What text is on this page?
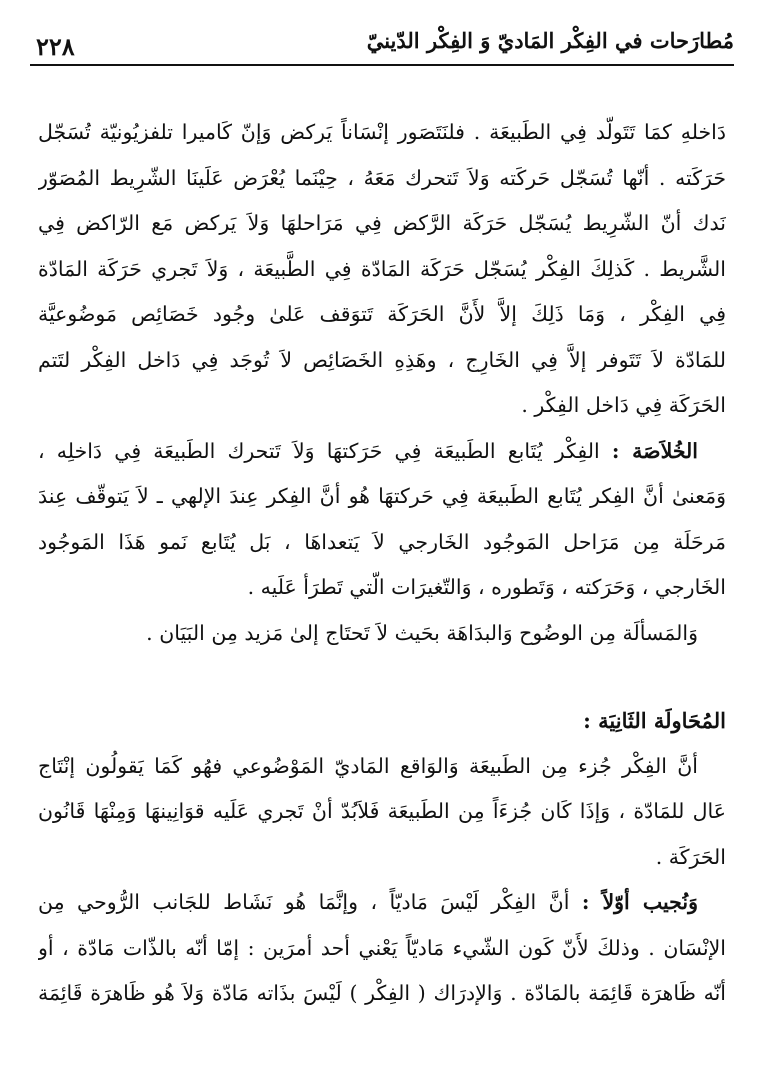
مُطارَحات في الفِكْر المَاديّ وَ الفِكْر الدّينيّ
٢٢٨
دَاخلهِ كمَا تَتَولّد فِي الطَبيعَة . فلنَتَصَور إنْسَاناً يَركض وَإنّ كَاميرا تلفزيُونيّة تُسَجّل
حَرَكَته . أنّها تُسَجّل حَركَته وَلاَ تَتحرك مَعَهُ ، حِيْنَما يُعْرَض عَلَينَا الشّرِيط المُصَوّر
نَدك أنّ الشّرِيط يُسَجّل حَرَكَة الرَّكض فِي مَرَاحلهَا وَلاَ يَركض مَع الرّاكض فِي
الشَّريط . كَذلِكَ الفِكْر يُسَجّل حَرَكَة المَادّة فِي الطَّبيعَة ، وَلاَ تَجري حَرَكَة المَادّة
فِي الفِكْر ، وَمَا ذَلِكَ إلاَّ لأَنَّ الحَرَكَة تَتوَقف عَلىٰ وجُود خَصَائِص مَوضُوعيَّة
للمَادّة لاَ تَتَوفر إلاَّ فِي الخَارِج ، وهَذِهِ الخَصَائِص لاَ تُوجَد فِي دَاخل الفِكْر لتَتم
الحَرَكَة فِي دَاخل الفِكْر .
الخُلاَصَة : الفِكْر يُتَابع الطَبيعَة فِي حَرَكتهَا وَلاَ تَتحرك الطَبيعَة فِي دَاخلِه ،
وَمَعنىٰ أنَّ الفِكر يُتَابع الطَبيعَة فِي حَركتهَا هُو أنَّ الفِكر عِندَ الإلهي ـ لاَ يَتوقّف عِندَ
مَرحَلَة مِن مَرَاحل المَوجُود الخَارجي لاَ يَتعداهَا ، بَل يُتَابع نَمو هَذَا المَوجُود
الخَارجي ، وَحَرَكته ، وَتَطوره ، وَالتّغيرَات الّتي تَطرَأ عَلَيه .
وَالمَسألَة مِن الوضُوح وَالبدَاهَة بحَيث لاَ تَحتَاج إلىٰ مَزيد مِن البَيَان .
المُحَاولَة الثَانِيَة :
أنَّ الفِكْر جُزء مِن الطَبيعَة وَالوَاقع المَاديّ المَوْضُوعي فهُو كَمَا يَقولُون إنْتَاج
عَال للمَادّة ، وَإذَا كَان جُزءَاً مِن الطَبيعَة فَلاَبُدّ أنْ تَجري عَلَيه قوَانِينهَا وَمِنْهَا قَانُون
الحَرَكَة .
وَنُجيب أوّلاً : أنَّ الفِكْر لَيْسَ مَاديّاً ، وإنَّمَا هُو نَشَاط للجَانب الرُّوحي مِن
الإنْسَان . وذلكَ لأَنّ كَون الشّيء مَاديّاً يَعْني أحد أمرَين : إمّا أنّه بالذّات مَادّة ، أو
أنّه ظَاهرَة قَائِمَة بالمَادّة . وَالإدرَاك ( الفِكْر ) لَيْسَ بذَاته مَادّة وَلاَ هُو ظَاهرَة قَائِمَة
